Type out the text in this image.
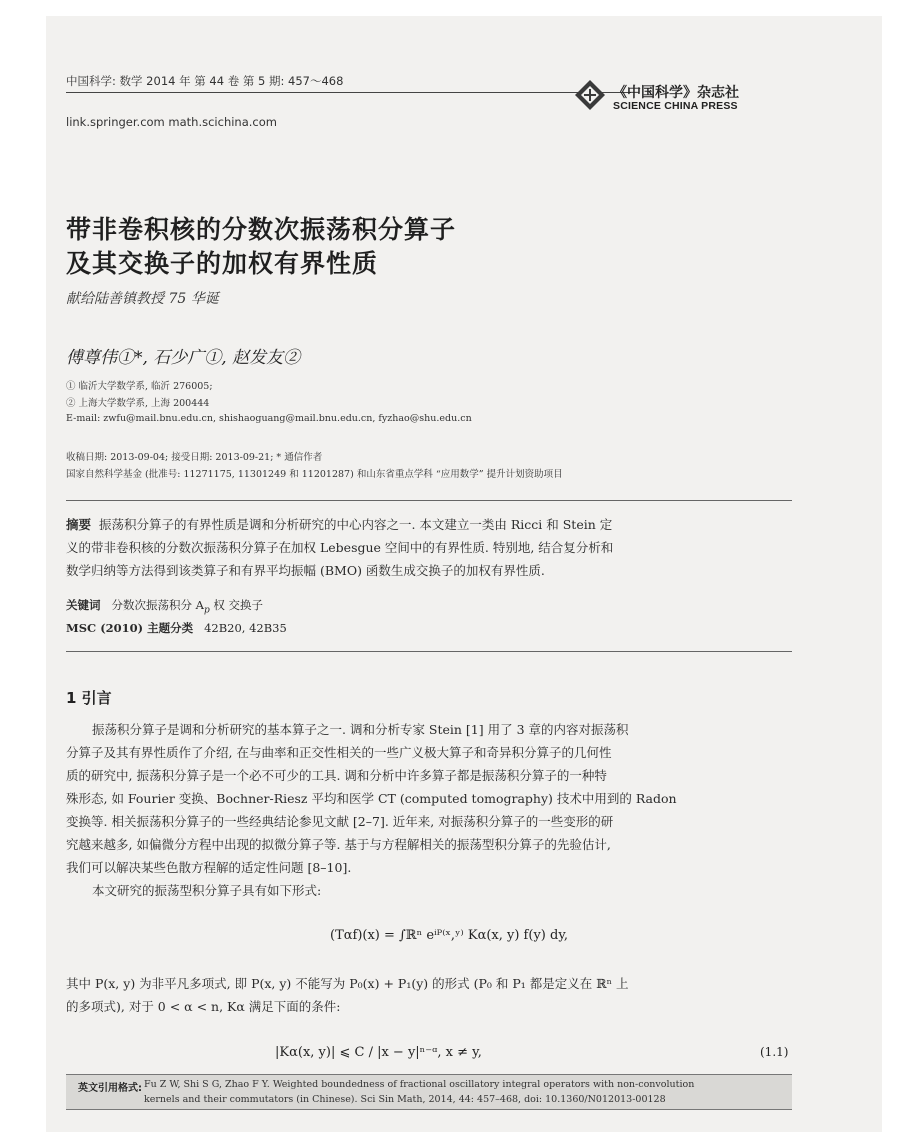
中国科学: 数学 2014 年 第 44 卷 第 5 期: 457～468
link.springer.com math.scichina.com
《中国科学》杂志社
SCIENCE CHINA PRESS
带非卷积核的分数次振荡积分算子
及其交换子的加权有界性质
献给陆善镇教授 75 华诞
傅尊伟①*, 石少广①, 赵发友②
① 临沂大学数学系, 临沂 276005;
② 上海大学数学系, 上海 200444
E-mail: zwfu@mail.bnu.edu.cn, shishaoguang@mail.bnu.edu.cn, fyzhao@shu.edu.cn
收稿日期: 2013-09-04; 接受日期: 2013-09-21; * 通信作者
国家自然科学基金 (批准号: 11271175, 11301249 和 11201287) 和山东省重点学科 “应用数学” 提升计划资助项目
摘要 振荡积分算子的有界性质是调和分析研究的中心内容之一. 本文建立一类由 Ricci 和 Stein 定
义的带非卷积核的分数次振荡积分算子在加权 Lebesgue 空间中的有界性质. 特别地, 结合复分析和
数学归纳等方法得到该类算子和有界平均振幅 (BMO) 函数生成交换子的加权有界性质.
关键词 分数次振荡积分 $A_p$ 权 交换子
MSC (2010) 主题分类 42B20, 42B35
1 引言
振荡积分算子是调和分析研究的基本算子之一. 调和分析专家 Stein [1] 用了 3 章的内容对振荡积
分算子及其有界性质作了介绍, 在与曲率和正交性相关的一些广义极大算子和奇异积分算子的几何性
质的研究中, 振荡积分算子是一个必不可少的工具. 调和分析中许多算子都是振荡积分算子的一种特
殊形态, 如 Fourier 变换、Bochner-Riesz 平均和医学 CT (computed tomography) 技术中用到的 Radon
变换等. 相关振荡积分算子的一些经典结论参见文献 [2–7]. 近年来, 对振荡积分算子的一些变形的研
究越来越多, 如偏微分方程中出现的拟微分算子等. 基于与方程解相关的振荡型积分算子的先验估计,
我们可以解决某些色散方程解的适定性问题 [8–10].
本文研究的振荡型积分算子具有如下形式:
(Tαf)(x) = ∫ℝⁿ eⁱᴾ⁽ˣ,ʸ⁾ Kα(x, y) f(y) dy,
其中 P(x, y) 为非平凡多项式, 即 P(x, y) 不能写为 P₀(x) + P₁(y) 的形式 (P₀ 和 P₁ 都是定义在 ℝⁿ 上
的多项式), 对于 0 < α < n, Kα 满足下面的条件:
|Kα(x, y)| ⩽ C / |x − y|ⁿ⁻ᵅ, x ≠ y,	(1.1)
英文引用格式: Fu Z W, Shi S G, Zhao F Y. Weighted boundedness of fractional oscillatory integral operators with non-convolution
kernels and their commutators (in Chinese). Sci Sin Math, 2014, 44: 457–468, doi: 10.1360/N012013-00128
